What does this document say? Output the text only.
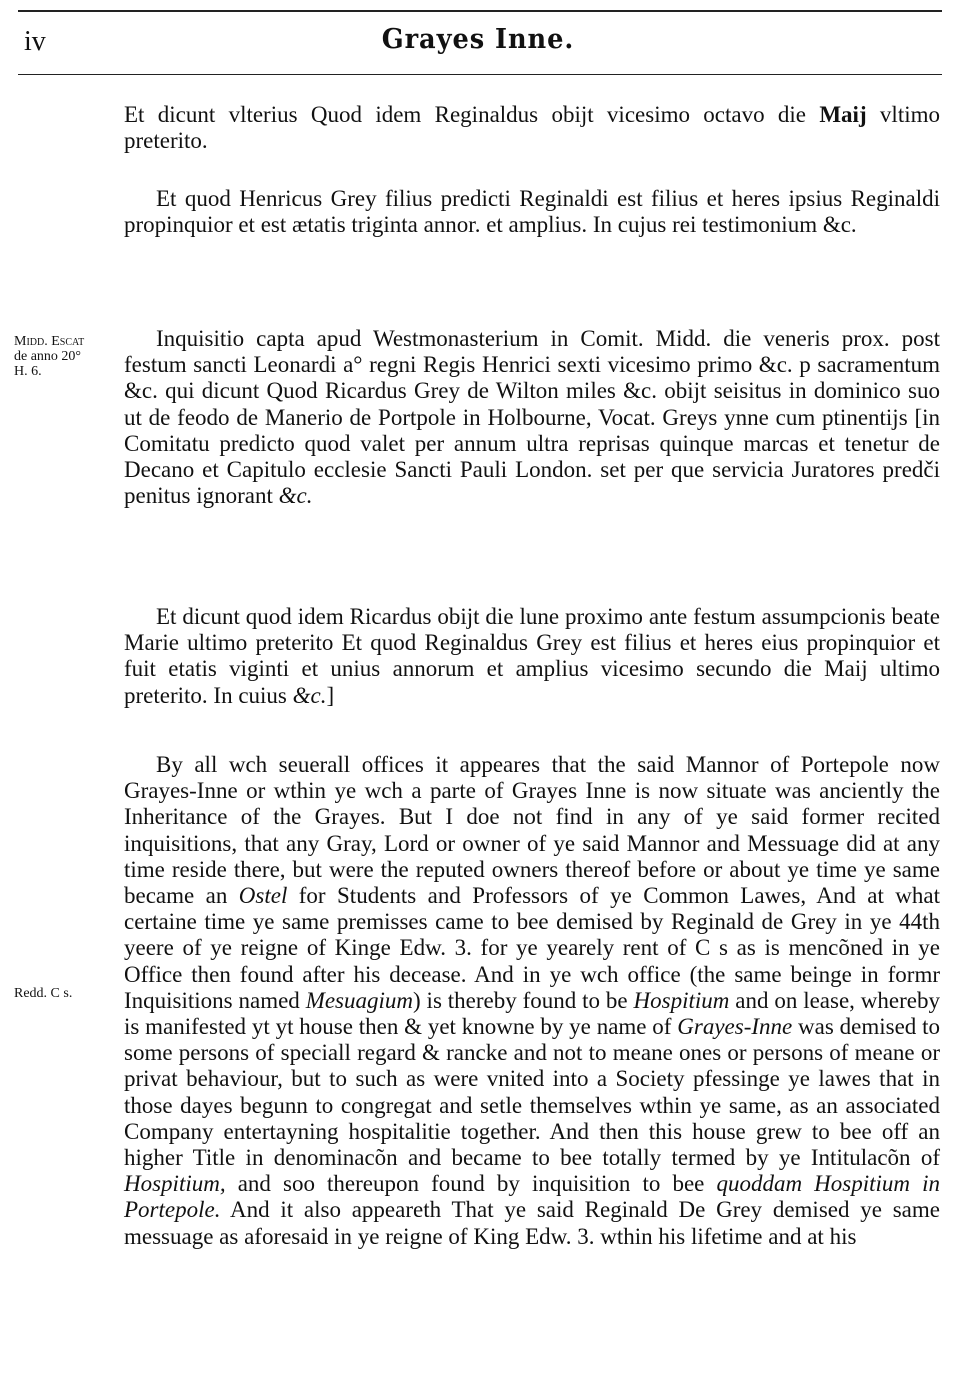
iv	Grayes Inne.
Et dicunt vlterius Quod idem Reginaldus obijt vicesimo octavo die Maij vltimo preterito.
Et quod Henricus Grey filius predicti Reginaldi est filius et heres ipsius Reginaldi propinquior et est ætatis triginta annor. et amplius. In cujus rei testimonium &c.
Midd. Escat
de anno 20°
H. 6.
Inquisitio capta apud Westmonasterium in Comit. Midd. die veneris prox. post festum sancti Leonardi a° regni Regis Henrici sexti vicesimo primo &c. p sacramentum &c. qui dicunt Quod Ricardus Grey de Wilton miles &c. obijt seisitus in dominico suo ut de feodo de Manerio de Portpole in Holbourne, Vocat. Greys ynne cum ptinentijs [in Comitatu predicto quod valet per annum ultra reprisas quinque marcas et tenetur de Decano et Capitulo ecclesie Sancti Pauli London. set per que servicia Juratores predči penitus ignorant &c.
Et dicunt quod idem Ricardus obijt die lune proximo ante festum assumpcionis beate Marie ultimo preterito Et quod Reginaldus Grey est filius et heres eius propinquior et fuit etatis viginti et unius annorum et amplius vicesimo secundo die Maij ultimo preterito. In cuius &c.]
Redd. C s.
By all wch seuerall offices it appeares that the said Mannor of Portepole now Grayes-Inne or wthin ye wch a parte of Grayes Inne is now situate was anciently the Inheritance of the Grayes. But I doe not find in any of ye said former recited inquisitions, that any Gray, Lord or owner of ye said Mannor and Messuage did at any time reside there, but were the reputed owners thereof before or about ye time ye same became an Ostel for Students and Professors of ye Common Lawes, And at what certaine time ye same premisses came to bee demised by Reginald de Grey in ye 44th yeere of ye reigne of Kinge Edw. 3. for ye yearely rent of C s as is mencõned in ye Office then found after his decease. And in ye wch office (the same beinge in formr Inquisitions named Mesuagium) is thereby found to be Hospitium and on lease, whereby is manifested yt yt house then & yet knowne by ye name of Grayes-Inne was demised to some persons of speciall regard & rancke and not to meane ones or persons of meane or privat behaviour, but to such as were vnited into a Society pfessinge ye lawes that in those dayes begunn to congregat and setle themselves wthin ye same, as an associated Company entertayning hospitalitie together. And then this house grew to bee off an higher Title in denominacõn and became to bee totally termed by ye Intitulacõn of Hospitium, and soo thereupon found by inquisition to bee quoddam Hospitium in Portepole. And it also appeareth That ye said Reginald De Grey demised ye same messuage as aforesaid in ye reigne of King Edw. 3. wthin his lifetime and at his
